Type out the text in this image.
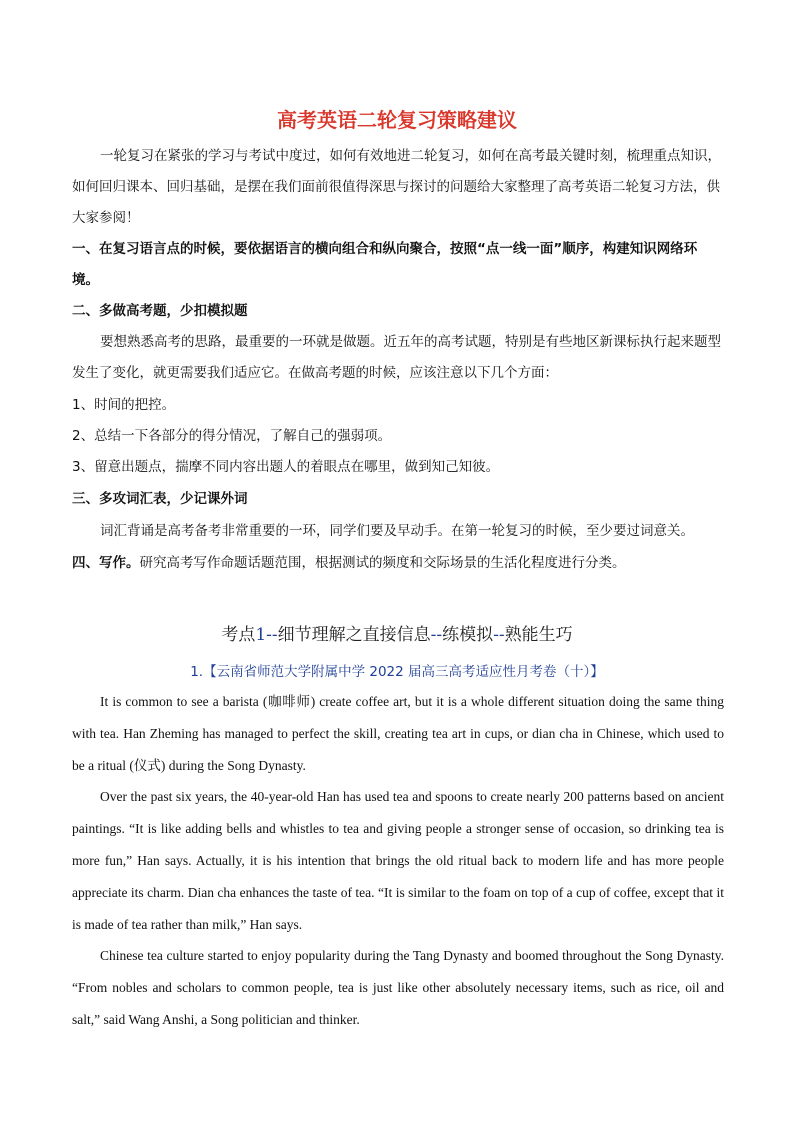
高考英语二轮复习策略建议
一轮复习在紧张的学习与考试中度过，如何有效地进二轮复习，如何在高考最关键时刻，梳理重点知识，如何回归课本、回归基础，是摆在我们面前很值得深思与探讨的问题给大家整理了高考英语二轮复习方法，供大家参阅！
一、在复习语言点的时候，要依据语言的横向组合和纵向聚合，按照“点一线一面”顺序，构建知识网络环境。
二、多做高考题，少扣模拟题
要想熟悉高考的思路，最重要的一环就是做题。近五年的高考试题，特别是有些地区新课标执行起来题型发生了变化，就更需要我们适应它。在做高考题的时候，应该注意以下几个方面：
1、时间的把控。
2、总结一下各部分的得分情况，了解自己的强弱项。
3、留意出题点，揣摩不同内容出题人的着眼点在哪里，做到知己知彼。
三、多攻词汇表，少记课外词
词汇背诵是高考备考非常重要的一环，同学们要及早动手。在第一轮复习的时候，至少要过词意关。
四、写作。研究高考写作命题话题范围，根据测试的频度和交际场景的生活化程度进行分类。
考点1--细节理解之直接信息--练模拟--熟能生巧
1.【云南省师范大学附属中学 2022 届高三高考适应性月考卷（十）】
It is common to see a barista (咖啡师) create coffee art, but it is a whole different situation doing the same thing with tea. Han Zheming has managed to perfect the skill, creating tea art in cups, or dian cha in Chinese, which used to be a ritual (仪式) during the Song Dynasty.
Over the past six years, the 40-year-old Han has used tea and spoons to create nearly 200 patterns based on ancient paintings. “It is like adding bells and whistles to tea and giving people a stronger sense of occasion, so drinking tea is more fun,” Han says. Actually, it is his intention that brings the old ritual back to modern life and has more people appreciate its charm. Dian cha enhances the taste of tea. “It is similar to the foam on top of a cup of coffee, except that it is made of tea rather than milk,” Han says.
Chinese tea culture started to enjoy popularity during the Tang Dynasty and boomed throughout the Song Dynasty. “From nobles and scholars to common people, tea is just like other absolutely necessary items, such as rice, oil and salt,” said Wang Anshi, a Song politician and thinker.
